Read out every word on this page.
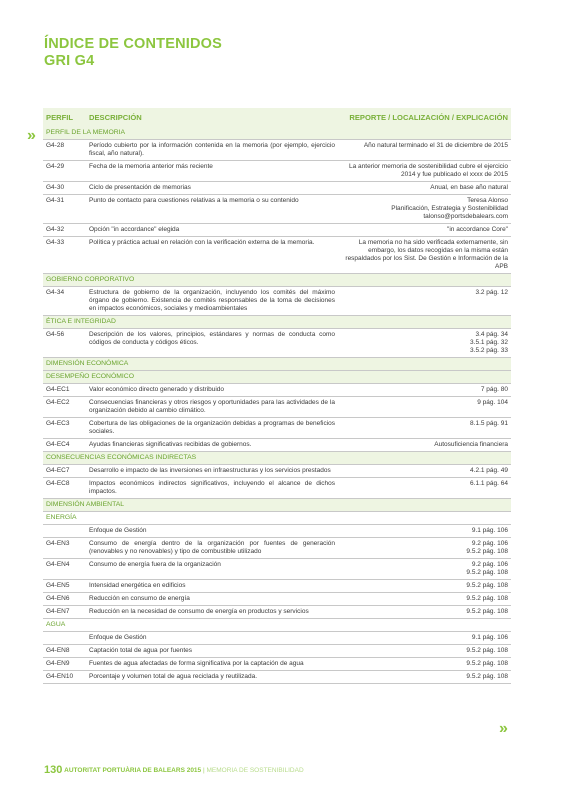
ÍNDICE DE CONTENIDOS
GRI G4
»
PERFIL	DESCRIPCIÓN	REPORTE / LOCALIZACIÓN / EXPLICACIÓN
PERFIL DE LA MEMORIA		
G4-28	Período cubierto por la información contenida en la memoria (por ejemplo, ejercicio fiscal, año natural).	Año natural terminado el 31 de diciembre de 2015
G4-29	Fecha de la memoria anterior más reciente	La anterior memoria de sostenibilidad cubre el ejercicio 2014 y fue publicado el xxxx de 2015
G4-30	Ciclo de presentación de memorias	Anual, en base año natural
G4-31	Punto de contacto para cuestiones relativas a la memoria o su contenido	Teresa Alonso
Planificación, Estrategia y Sostenibilidad
talonso@portsdebalears.com
G4-32	Opción "in accordance" elegida	"in accordance Core"
G4-33	Política y práctica actual en relación con la verificación externa de la memoria.	La memoria no ha sido verificada externamente, sin embargo, los datos recogidas en la misma están respaldados por los Sist. De Gestión e Información de la APB
GOBIERNO CORPORATIVO		
G4-34	Estructura de gobierno de la organización, incluyendo los comités del máximo órgano de gobierno. Existencia de comités responsables de la toma de decisiones en impactos económicos, sociales y medioambientales	3.2 pág. 12
ÉTICA E INTEGRIDAD		
G4-56	Descripción de los valores, principios, estándares y normas de conducta como códigos de conducta y códigos éticos.	3.4 pág. 34
3.5.1 pág. 32
3.5.2 pág. 33
DIMENSIÓN ECONÓMICA		
DESEMPEÑO ECONÓMICO		
G4-EC1	Valor económico directo generado y distribuido	7 pág. 80
G4-EC2	Consecuencias financieras y otros riesgos y oportunidades para las actividades de la organización debido al cambio climático.	9 pág. 104
G4-EC3	Cobertura de las obligaciones de la organización debidas a programas de beneficios sociales.	8.1.5 pág. 91
G4-EC4	Ayudas financieras significativas recibidas de gobiernos.	Autosuficiencia financiera
CONSECUENCIAS ECONÓMICAS INDIRECTAS		
G4-EC7	Desarrollo e impacto de las inversiones en infraestructuras y los servicios prestados	4.2.1 pág. 49
G4-EC8	Impactos económicos indirectos significativos, incluyendo el alcance de dichos impactos.	6.1.1 pág. 64
DIMENSIÓN AMBIENTAL		
ENERGÍA		
	Enfoque de Gestión	9.1 pág. 106
G4-EN3	Consumo de energía dentro de la organización por fuentes de generación (renovables y no renovables) y tipo de combustible utilizado	9.2 pág. 106
9.5.2 pág. 108
G4-EN4	Consumo de energía fuera de la organización	9.2 pág. 106
9.5.2 pág. 108
G4-EN5	Intensidad energética en edificios	9.5.2 pág. 108
G4-EN6	Reducción en consumo de energía	9.5.2 pág. 108
G4-EN7	Reducción en la necesidad de consumo de energía en productos y servicios	9.5.2 pág. 108
AGUA		
	Enfoque de Gestión	9.1 pág. 106
G4-EN8	Captación total de agua por fuentes	9.5.2 pág. 108
G4-EN9	Fuentes de agua afectadas de forma significativa por la captación de agua	9.5.2 pág. 108
G4-EN10	Porcentaje y volumen total de agua reciclada y reutilizada.	9.5.2 pág. 108
»
130 AUTORITAT PORTUÀRIA DE BALEARS 2015 | MEMORIA DE SOSTENIBILIDAD
